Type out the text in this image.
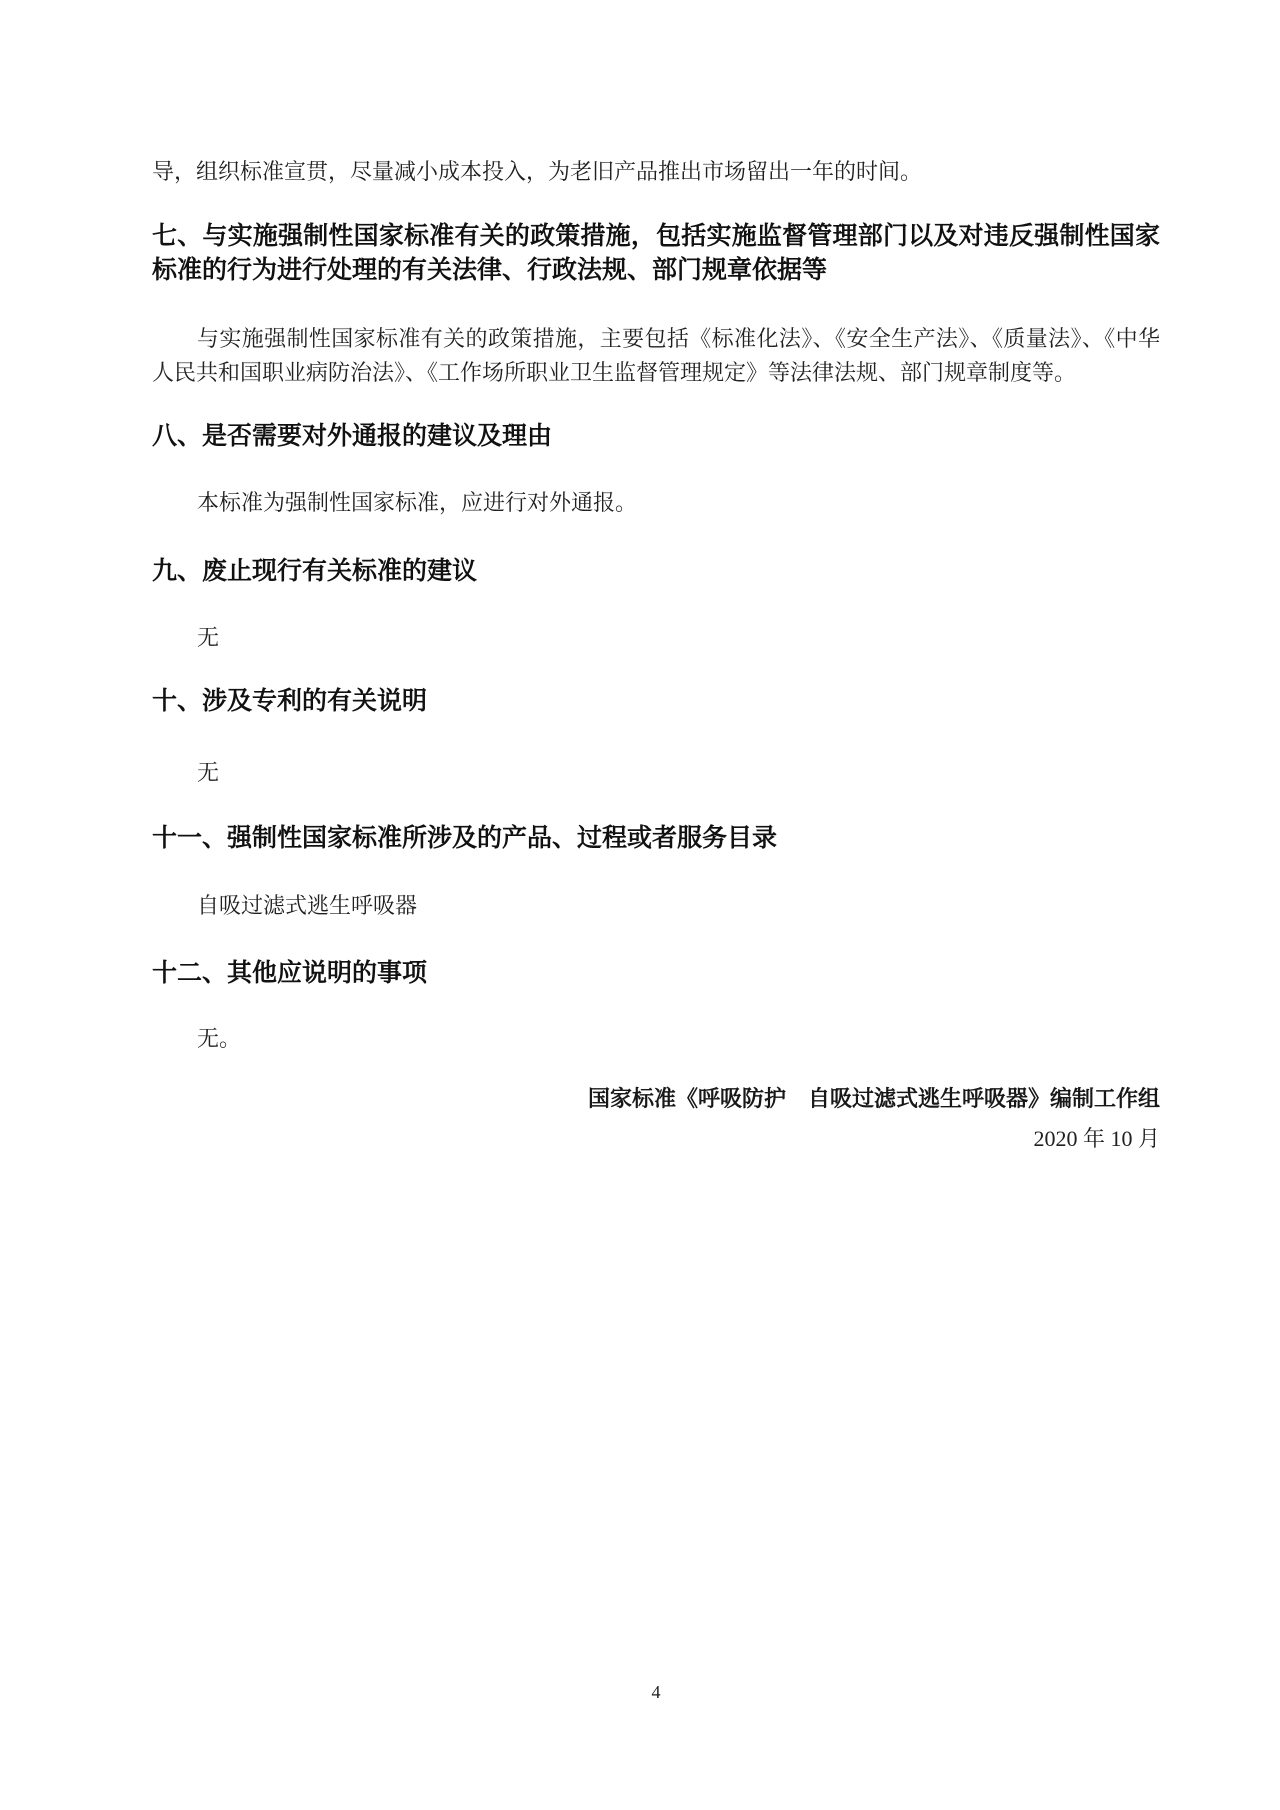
导，组织标准宣贯，尽量减小成本投入，为老旧产品推出市场留出一年的时间。

七、与实施强制性国家标准有关的政策措施，包括实施监督管理部门以及对违反强制性国家标准的行为进行处理的有关法律、行政法规、部门规章依据等

与实施强制性国家标准有关的政策措施，主要包括《标准化法》、《安全生产法》、《质量法》、《中华人民共和国职业病防治法》、《工作场所职业卫生监督管理规定》等法律法规、部门规章制度等。

八、是否需要对外通报的建议及理由

本标准为强制性国家标准，应进行对外通报。

九、废止现行有关标准的建议

无

十、涉及专利的有关说明

无

十一、强制性国家标准所涉及的产品、过程或者服务目录

自吸过滤式逃生呼吸器

十二、其他应说明的事项

无。

国家标准《呼吸防护　自吸过滤式逃生呼吸器》编制工作组

2020 年 10 月

4
